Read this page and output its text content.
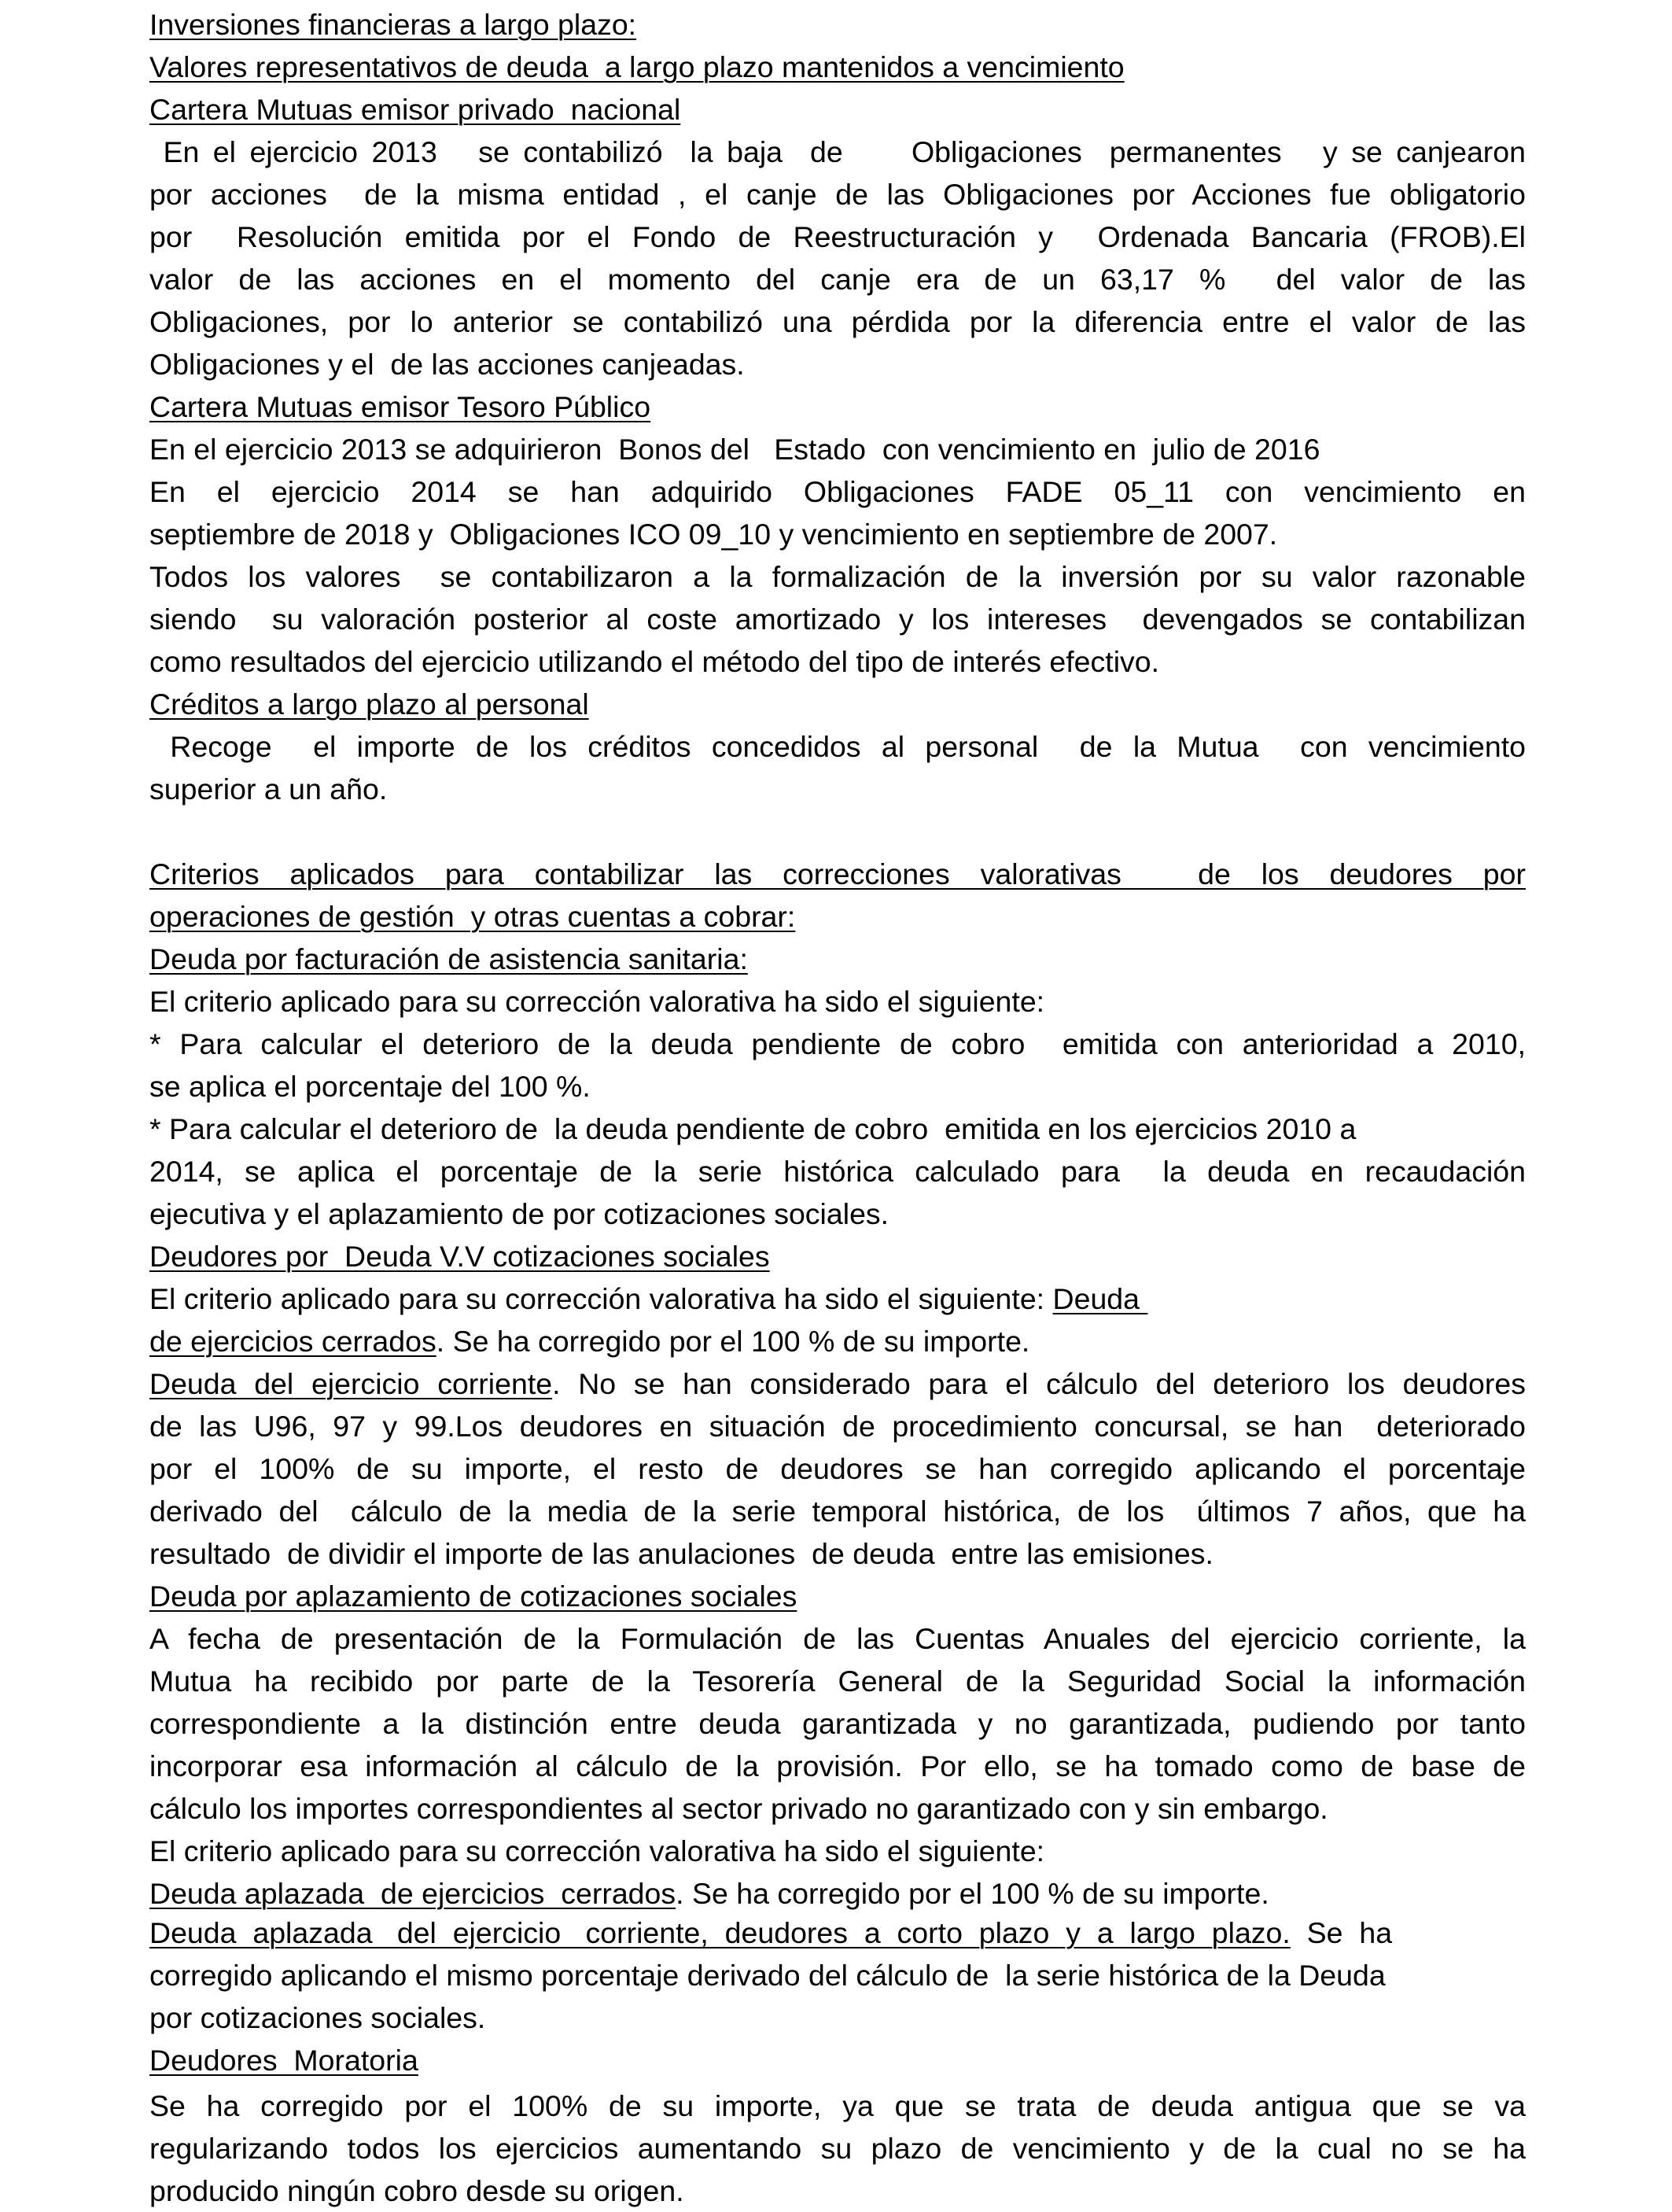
Inversiones financieras a largo plazo:
Valores representativos de deuda  a largo plazo mantenidos a vencimiento
Cartera Mutuas emisor privado  nacional
En el ejercicio 2013   se contabilizó  la baja  de     Obligaciones  permanentes   y se canjearon
por acciones  de la misma entidad , el canje de las Obligaciones por Acciones fue obligatorio
por  Resolución emitida por el Fondo de Reestructuración y  Ordenada Bancaria (FROB).El
valor de las acciones en el momento del canje era de un 63,17 %  del valor de las
Obligaciones, por lo anterior se contabilizó una pérdida por la diferencia entre el valor de las
Obligaciones y el  de las acciones canjeadas.
Cartera Mutuas emisor Tesoro Público
En el ejercicio 2013 se adquirieron  Bonos del   Estado  con vencimiento en  julio de 2016
En el ejercicio 2014 se han adquirido Obligaciones FADE 05_11 con vencimiento en
septiembre de 2018 y  Obligaciones ICO 09_10 y vencimiento en septiembre de 2007.
Todos los valores  se contabilizaron a la formalización de la inversión por su valor razonable
siendo  su valoración posterior al coste amortizado y los intereses  devengados se contabilizan
como resultados del ejercicio utilizando el método del tipo de interés efectivo.
Créditos a largo plazo al personal
Recoge  el importe de los créditos concedidos al personal  de la Mutua  con vencimiento
superior a un año.
Criterios  aplicados  para  contabilizar  las  correcciones  valorativas     de  los  deudores  por
operaciones de gestión  y otras cuentas a cobrar:
Deuda por facturación de asistencia sanitaria:
El criterio aplicado para su corrección valorativa ha sido el siguiente:
* Para calcular el deterioro de la deuda pendiente de cobro  emitida con anterioridad a 2010,
se aplica el porcentaje del 100 %.
* Para calcular el deterioro de  la deuda pendiente de cobro  emitida en los ejercicios 2010 a
2014, se aplica el porcentaje de la serie histórica calculado para  la deuda en recaudación
ejecutiva y el aplazamiento de por cotizaciones sociales.
Deudores por  Deuda V.V cotizaciones sociales
El criterio aplicado para su corrección valorativa ha sido el siguiente: Deuda
de ejercicios cerrados. Se ha corregido por el 100 % de su importe.
Deuda del ejercicio corriente. No se han considerado para el cálculo del deterioro los deudores
de las U96, 97 y 99.Los deudores en situación de procedimiento concursal, se han  deteriorado
por el 100% de su importe, el resto de deudores se han corregido aplicando el porcentaje
derivado del  cálculo de la media de la serie temporal histórica, de los  últimos 7 años, que ha
resultado  de dividir el importe de las anulaciones  de deuda  entre las emisiones.
Deuda por aplazamiento de cotizaciones sociales
A fecha de presentación de la Formulación de las Cuentas Anuales del ejercicio corriente, la
Mutua ha recibido por parte de la Tesorería General de la Seguridad Social la información
correspondiente a la distinción entre deuda garantizada y no garantizada, pudiendo por tanto
incorporar esa información al cálculo de la provisión. Por ello, se ha tomado como de base de
cálculo los importes correspondientes al sector privado no garantizado con y sin embargo.
El criterio aplicado para su corrección valorativa ha sido el siguiente:
Deuda aplazada  de ejercicios  cerrados. Se ha corregido por el 100 % de su importe.
Deuda  aplazada   del  ejercicio   corriente,  deudores  a  corto  plazo  y  a  largo  plazo.  Se  ha
corregido aplicando el mismo porcentaje derivado del cálculo de  la serie histórica de la Deuda
por cotizaciones sociales.
Deudores  Moratoria
Se ha corregido por el 100% de su importe, ya que se trata de deuda antigua que se va
regularizando todos los ejercicios aumentando su plazo de vencimiento y de la cual no se ha
producido ningún cobro desde su origen.
